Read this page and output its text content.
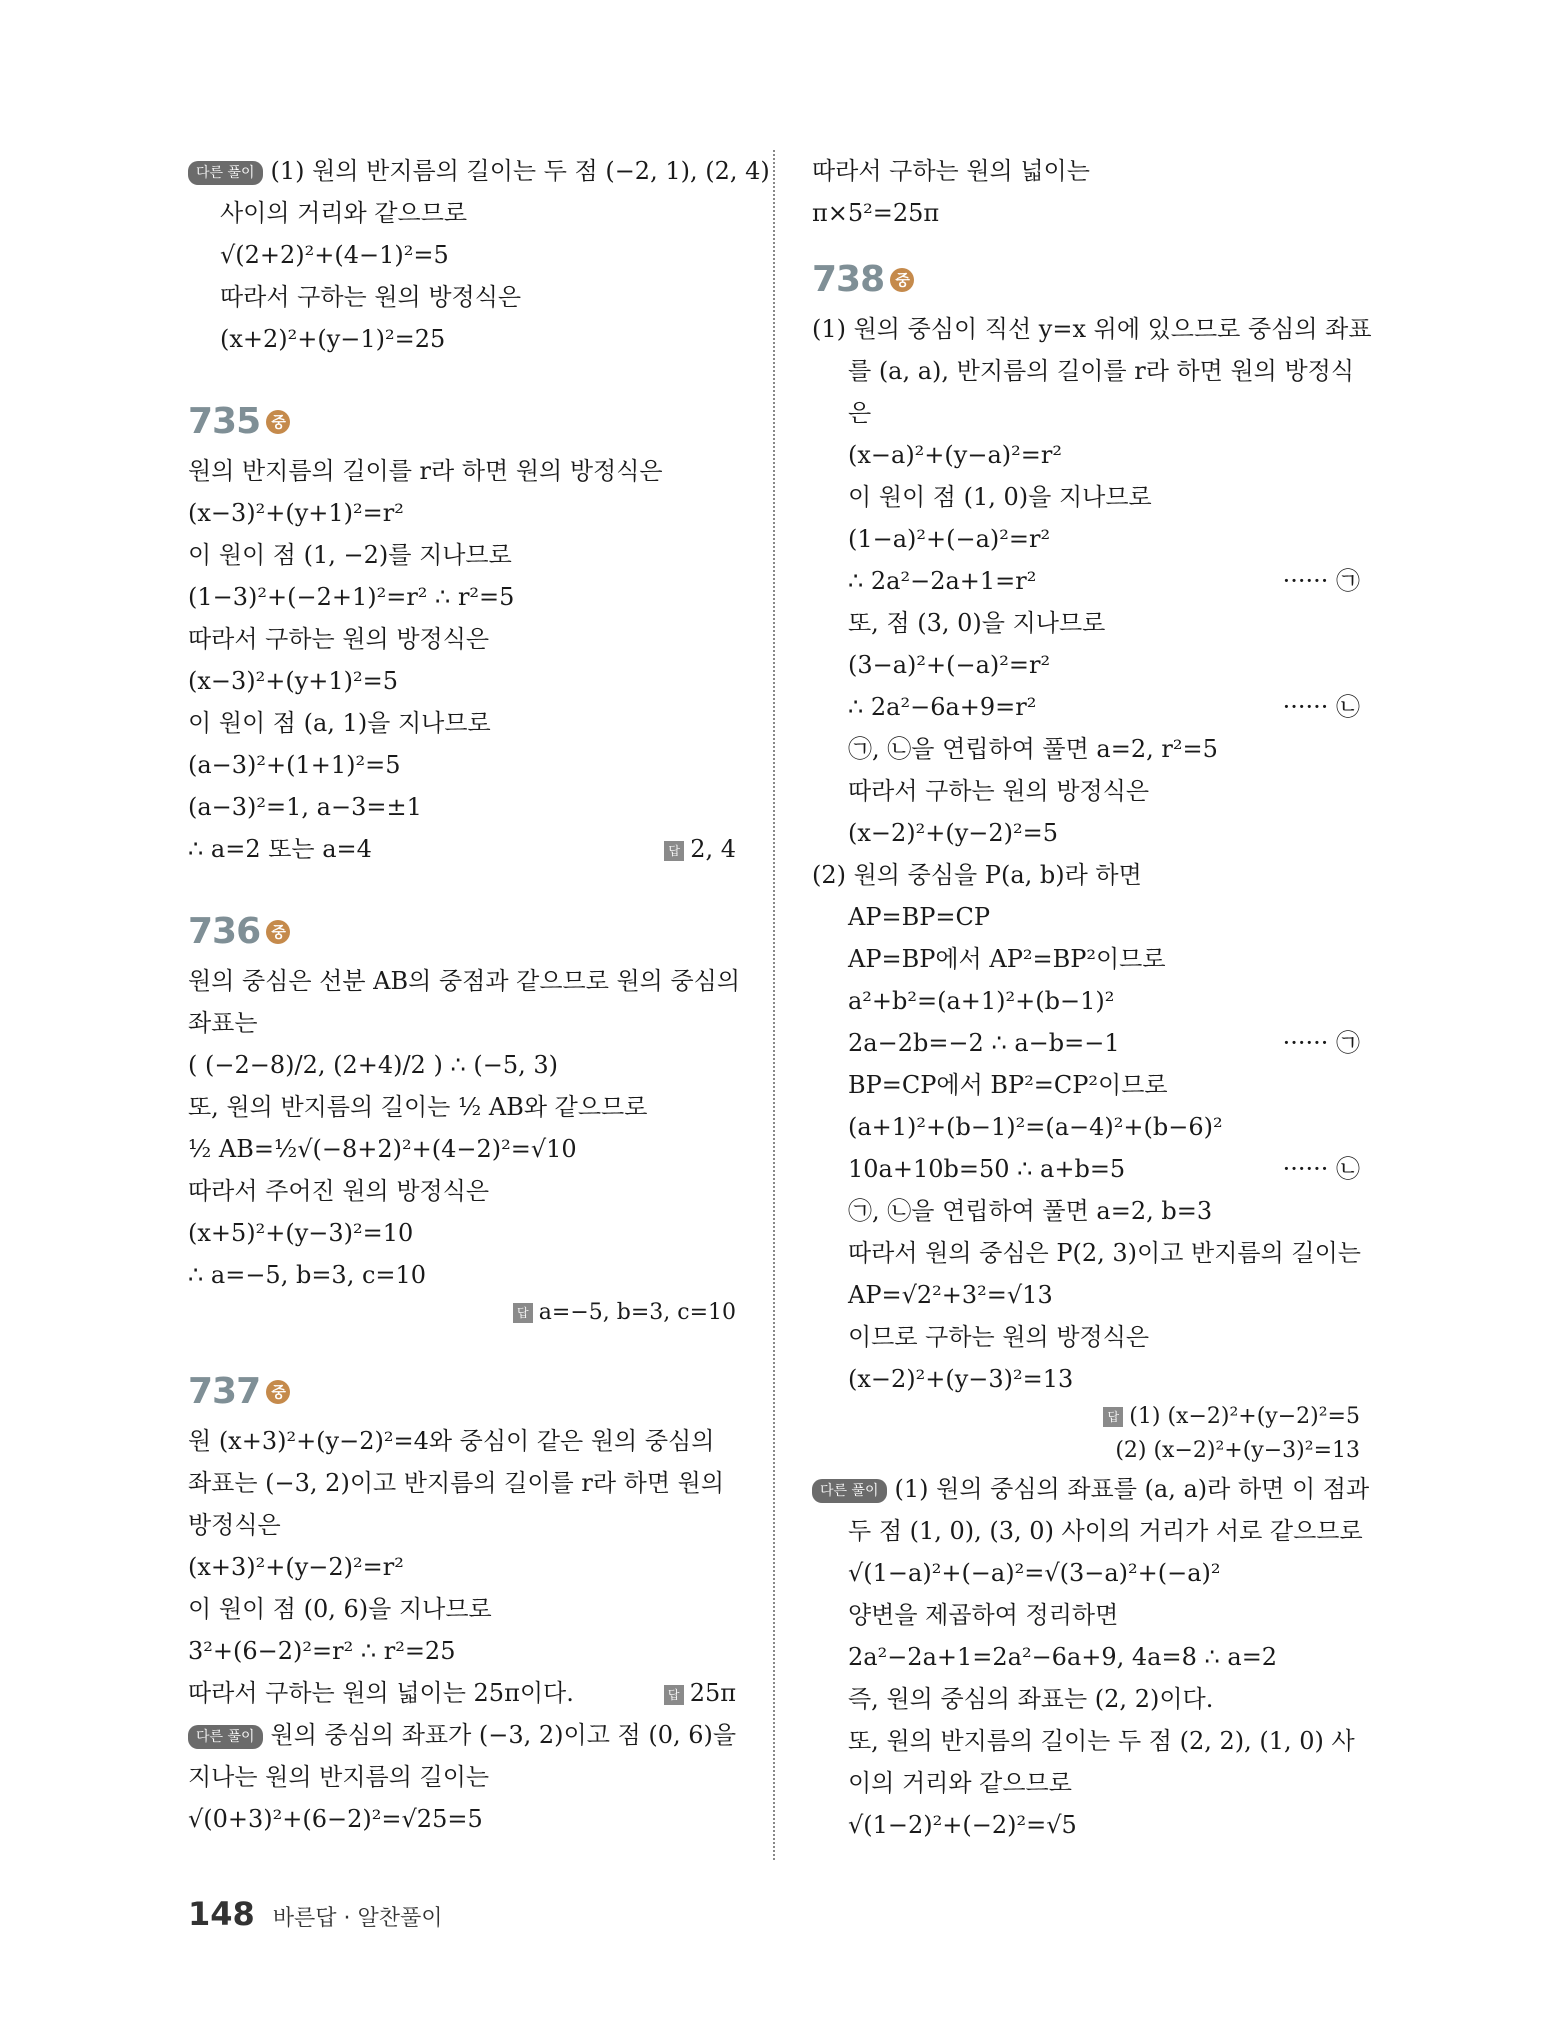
다른 풀이 (1) 원의 반지름의 길이는 두 점 (−2, 1), (2, 4)
사이의 거리와 같으므로
√(2+2)²+(4−1)²=5
따라서 구하는 원의 방정식은
(x+2)²+(y−1)²=25
735 중
원의 반지름의 길이를 r라 하면 원의 방정식은
(x−3)²+(y+1)²=r²
이 원이 점 (1, −2)를 지나므로
(1−3)²+(−2+1)²=r² ∴ r²=5
따라서 구하는 원의 방정식은
(x−3)²+(y+1)²=5
이 원이 점 (a, 1)을 지나므로
(a−3)²+(1+1)²=5
(a−3)²=1, a−3=±1
∴ a=2 또는 a=4	답 2, 4
736 중
원의 중심은 선분 AB의 중점과 같으므로 원의 중심의
좌표는
( (−2−8)/2, (2+4)/2 ) ∴ (−5, 3)
또, 원의 반지름의 길이는 ½ AB와 같으므로
½ AB=½√(−8+2)²+(4−2)²=√10
따라서 주어진 원의 방정식은
(x+5)²+(y−3)²=10
∴ a=−5, b=3, c=10
답 a=−5, b=3, c=10
737 중
원 (x+3)²+(y−2)²=4와 중심이 같은 원의 중심의
좌표는 (−3, 2)이고 반지름의 길이를 r라 하면 원의
방정식은
(x+3)²+(y−2)²=r²
이 원이 점 (0, 6)을 지나므로
3²+(6−2)²=r² ∴ r²=25
따라서 구하는 원의 넓이는 25π이다.	답 25π
다른 풀이 원의 중심의 좌표가 (−3, 2)이고 점 (0, 6)을
지나는 원의 반지름의 길이는
√(0+3)²+(6−2)²=√25=5
따라서 구하는 원의 넓이는
π×5²=25π
738 중
(1) 원의 중심이 직선 y=x 위에 있으므로 중심의 좌표
를 (a, a), 반지름의 길이를 r라 하면 원의 방정식
은
(x−a)²+(y−a)²=r²
이 원이 점 (1, 0)을 지나므로
(1−a)²+(−a)²=r²
∴ 2a²−2a+1=r²	······ ㉠
또, 점 (3, 0)을 지나므로
(3−a)²+(−a)²=r²
∴ 2a²−6a+9=r²	······ ㉡
㉠, ㉡을 연립하여 풀면 a=2, r²=5
따라서 구하는 원의 방정식은
(x−2)²+(y−2)²=5
(2) 원의 중심을 P(a, b)라 하면
AP=BP=CP
AP=BP에서 AP²=BP²이므로
a²+b²=(a+1)²+(b−1)²
2a−2b=−2 ∴ a−b=−1	······ ㉠
BP=CP에서 BP²=CP²이므로
(a+1)²+(b−1)²=(a−4)²+(b−6)²
10a+10b=50 ∴ a+b=5	······ ㉡
㉠, ㉡을 연립하여 풀면 a=2, b=3
따라서 원의 중심은 P(2, 3)이고 반지름의 길이는
AP=√2²+3²=√13
이므로 구하는 원의 방정식은
(x−2)²+(y−3)²=13
답 (1) (x−2)²+(y−2)²=5
(2) (x−2)²+(y−3)²=13
다른 풀이 (1) 원의 중심의 좌표를 (a, a)라 하면 이 점과
두 점 (1, 0), (3, 0) 사이의 거리가 서로 같으므로
√(1−a)²+(−a)²=√(3−a)²+(−a)²
양변을 제곱하여 정리하면
2a²−2a+1=2a²−6a+9, 4a=8 ∴ a=2
즉, 원의 중심의 좌표는 (2, 2)이다.
또, 원의 반지름의 길이는 두 점 (2, 2), (1, 0) 사
이의 거리와 같으므로
√(1−2)²+(−2)²=√5
148 바른답 · 알찬풀이
